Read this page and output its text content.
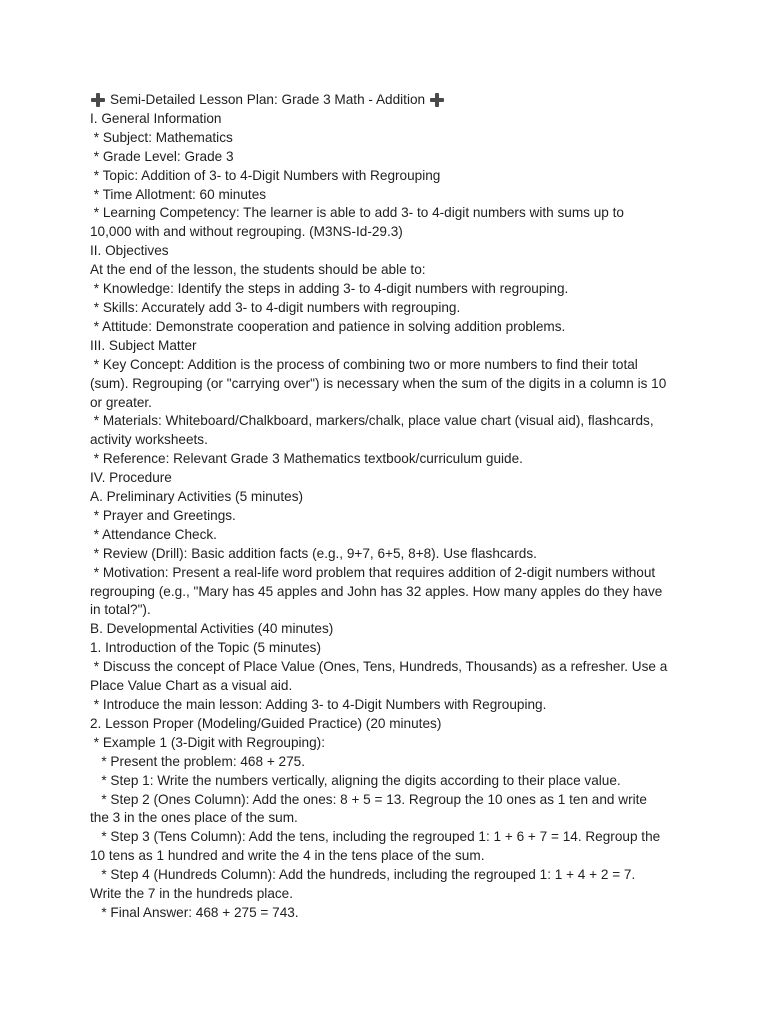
Semi-Detailed Lesson Plan: Grade 3 Math - Addition

I. General Information

* Subject: Mathematics

* Grade Level: Grade 3

* Topic: Addition of 3- to 4-Digit Numbers with Regrouping

* Time Allotment: 60 minutes

* Learning Competency: The learner is able to add 3- to 4-digit numbers with sums up to

10,000 with and without regrouping. (M3NS-Id-29.3)

II. Objectives

At the end of the lesson, the students should be able to:

* Knowledge: Identify the steps in adding 3- to 4-digit numbers with regrouping.

* Skills: Accurately add 3- to 4-digit numbers with regrouping.

* Attitude: Demonstrate cooperation and patience in solving addition problems.

III. Subject Matter

* Key Concept: Addition is the process of combining two or more numbers to find their total

(sum). Regrouping (or "carrying over") is necessary when the sum of the digits in a column is 10

or greater.

* Materials: Whiteboard/Chalkboard, markers/chalk, place value chart (visual aid), flashcards,

activity worksheets.

* Reference: Relevant Grade 3 Mathematics textbook/curriculum guide.

IV. Procedure

A. Preliminary Activities (5 minutes)

* Prayer and Greetings.

* Attendance Check.

* Review (Drill): Basic addition facts (e.g., 9+7, 6+5, 8+8). Use flashcards.

* Motivation: Present a real-life word problem that requires addition of 2-digit numbers without

regrouping (e.g., "Mary has 45 apples and John has 32 apples. How many apples do they have

in total?").

B. Developmental Activities (40 minutes)

1. Introduction of the Topic (5 minutes)

* Discuss the concept of Place Value (Ones, Tens, Hundreds, Thousands) as a refresher. Use a

Place Value Chart as a visual aid.

* Introduce the main lesson: Adding 3- to 4-Digit Numbers with Regrouping.

2. Lesson Proper (Modeling/Guided Practice) (20 minutes)

* Example 1 (3-Digit with Regrouping):

* Present the problem: 468 + 275.

* Step 1: Write the numbers vertically, aligning the digits according to their place value.

* Step 2 (Ones Column): Add the ones: 8 + 5 = 13. Regroup the 10 ones as 1 ten and write

the 3 in the ones place of the sum.

* Step 3 (Tens Column): Add the tens, including the regrouped 1: 1 + 6 + 7 = 14. Regroup the

10 tens as 1 hundred and write the 4 in the tens place of the sum.

* Step 4 (Hundreds Column): Add the hundreds, including the regrouped 1: 1 + 4 + 2 = 7.

Write the 7 in the hundreds place.

* Final Answer: 468 + 275 = 743.
